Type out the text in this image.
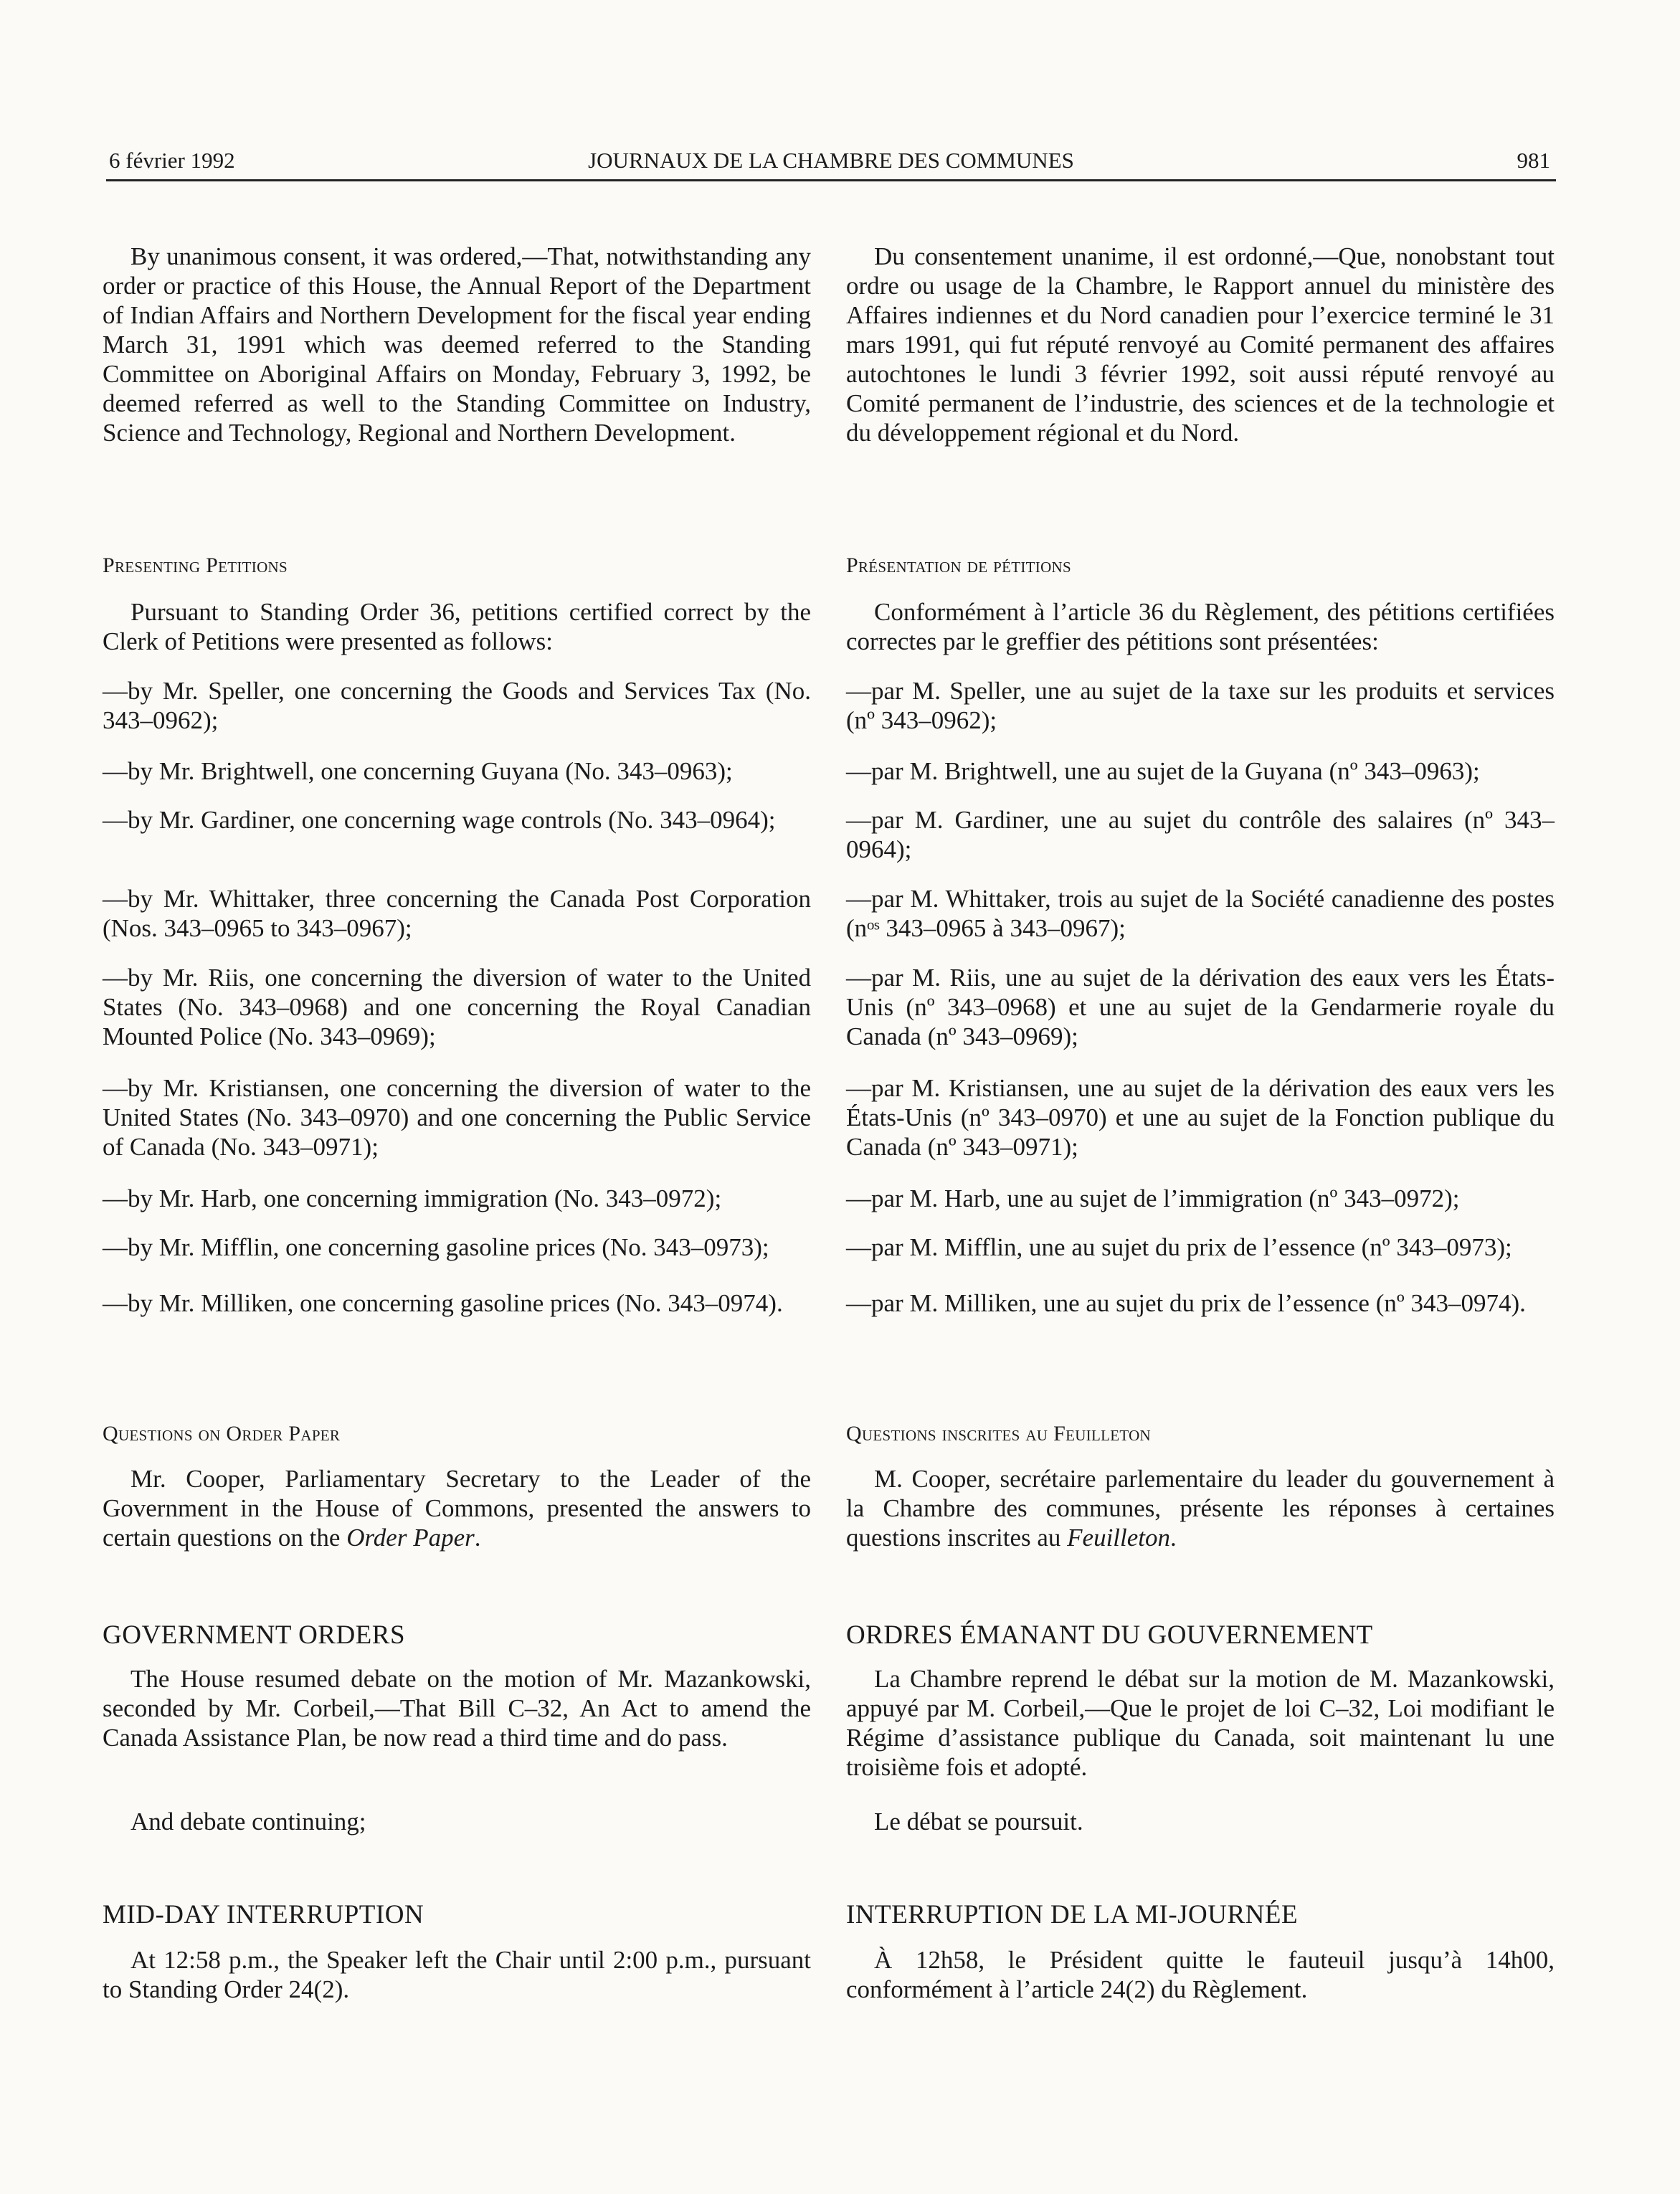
6 février 1992	JOURNAUX DE LA CHAMBRE DES COMMUNES	981

By unanimous consent, it was ordered,—That, notwithstanding any order or practice of this House, the Annual Report of the Department of Indian Affairs and Northern Development for the fiscal year ending March 31, 1991 which was deemed referred to the Standing Committee on Aboriginal Affairs on Monday, February 3, 1992, be deemed referred as well to the Standing Committee on Industry, Science and Technology, Regional and Northern Development.

Presenting Petitions

Pursuant to Standing Order 36, petitions certified correct by the Clerk of Petitions were presented as follows:

—by Mr. Speller, one concerning the Goods and Services Tax (No. 343–0962);

—by Mr. Brightwell, one concerning Guyana (No. 343–0963);

—by Mr. Gardiner, one concerning wage controls (No. 343–0964);

—by Mr. Whittaker, three concerning the Canada Post Corporation (Nos. 343–0965 to 343–0967);

—by Mr. Riis, one concerning the diversion of water to the United States (No. 343–0968) and one concerning the Royal Canadian Mounted Police (No. 343–0969);

—by Mr. Kristiansen, one concerning the diversion of water to the United States (No. 343–0970) and one concerning the Public Service of Canada (No. 343–0971);

—by Mr. Harb, one concerning immigration (No. 343–0972);

—by Mr. Mifflin, one concerning gasoline prices (No. 343–0973);

—by Mr. Milliken, one concerning gasoline prices (No. 343–0974).

Questions on Order Paper

Mr. Cooper, Parliamentary Secretary to the Leader of the Government in the House of Commons, presented the answers to certain questions on the Order Paper.

GOVERNMENT ORDERS

The House resumed debate on the motion of Mr. Mazankowski, seconded by Mr. Corbeil,—That Bill C–32, An Act to amend the Canada Assistance Plan, be now read a third time and do pass.

And debate continuing;

MID-DAY INTERRUPTION

At 12:58 p.m., the Speaker left the Chair until 2:00 p.m., pursuant to Standing Order 24(2).

Du consentement unanime, il est ordonné,—Que, nonobstant tout ordre ou usage de la Chambre, le Rapport annuel du ministère des Affaires indiennes et du Nord canadien pour l’exercice terminé le 31 mars 1991, qui fut réputé renvoyé au Comité permanent des affaires autochtones le lundi 3 février 1992, soit aussi réputé renvoyé au Comité permanent de l’industrie, des sciences et de la technologie et du développement régional et du Nord.

Présentation de pétitions

Conformément à l’article 36 du Règlement, des pétitions certifiées correctes par le greffier des pétitions sont présentées:

—par M. Speller, une au sujet de la taxe sur les produits et services (nº 343–0962);

—par M. Brightwell, une au sujet de la Guyana (nº 343–0963);

—par M. Gardiner, une au sujet du contrôle des salaires (nº 343–0964);

—par M. Whittaker, trois au sujet de la Société canadienne des postes (nᵒˢ 343–0965 à 343–0967);

—par M. Riis, une au sujet de la dérivation des eaux vers les États-Unis (nº 343–0968) et une au sujet de la Gendarmerie royale du Canada (nº 343–0969);

—par M. Kristiansen, une au sujet de la dérivation des eaux vers les États-Unis (nº 343–0970) et une au sujet de la Fonction publique du Canada (nº 343–0971);

—par M. Harb, une au sujet de l’immigration (nº 343–0972);

—par M. Mifflin, une au sujet du prix de l’essence (nº 343–0973);

—par M. Milliken, une au sujet du prix de l’essence (nº 343–0974).

Questions inscrites au Feuilleton

M. Cooper, secrétaire parlementaire du leader du gouvernement à la Chambre des communes, présente les réponses à certaines questions inscrites au Feuilleton.

ORDRES ÉMANANT DU GOUVERNEMENT

La Chambre reprend le débat sur la motion de M. Mazankowski, appuyé par M. Corbeil,—Que le projet de loi C–32, Loi modifiant le Régime d’assistance publique du Canada, soit maintenant lu une troisième fois et adopté.

Le débat se poursuit.

INTERRUPTION DE LA MI-JOURNÉE

À 12h58, le Président quitte le fauteuil jusqu’à 14h00, conformément à l’article 24(2) du Règlement.
